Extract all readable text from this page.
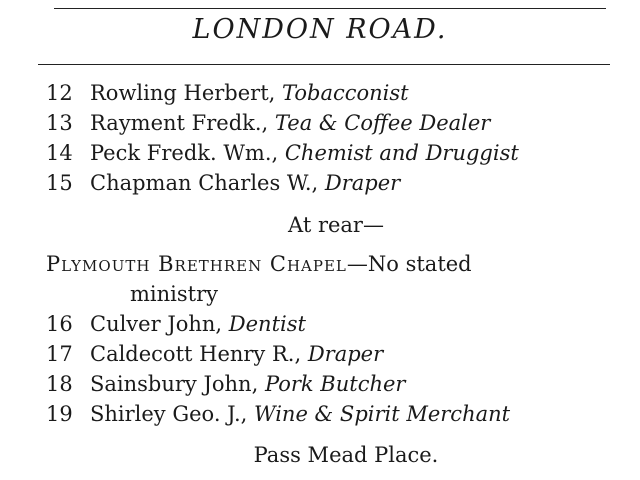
LONDON ROAD.
12 Rowling Herbert, Tobacconist
13 Rayment Fredk., Tea & Coffee Dealer
14 Peck Fredk. Wm., Chemist and Druggist
15 Chapman Charles W., Draper
At rear—
Plymouth Brethren Chapel—No stated
ministry
16 Culver John, Dentist
17 Caldecott Henry R., Draper
18 Sainsbury John, Pork Butcher
19 Shirley Geo. J., Wine & Spirit Merchant
Pass Mead Place.
